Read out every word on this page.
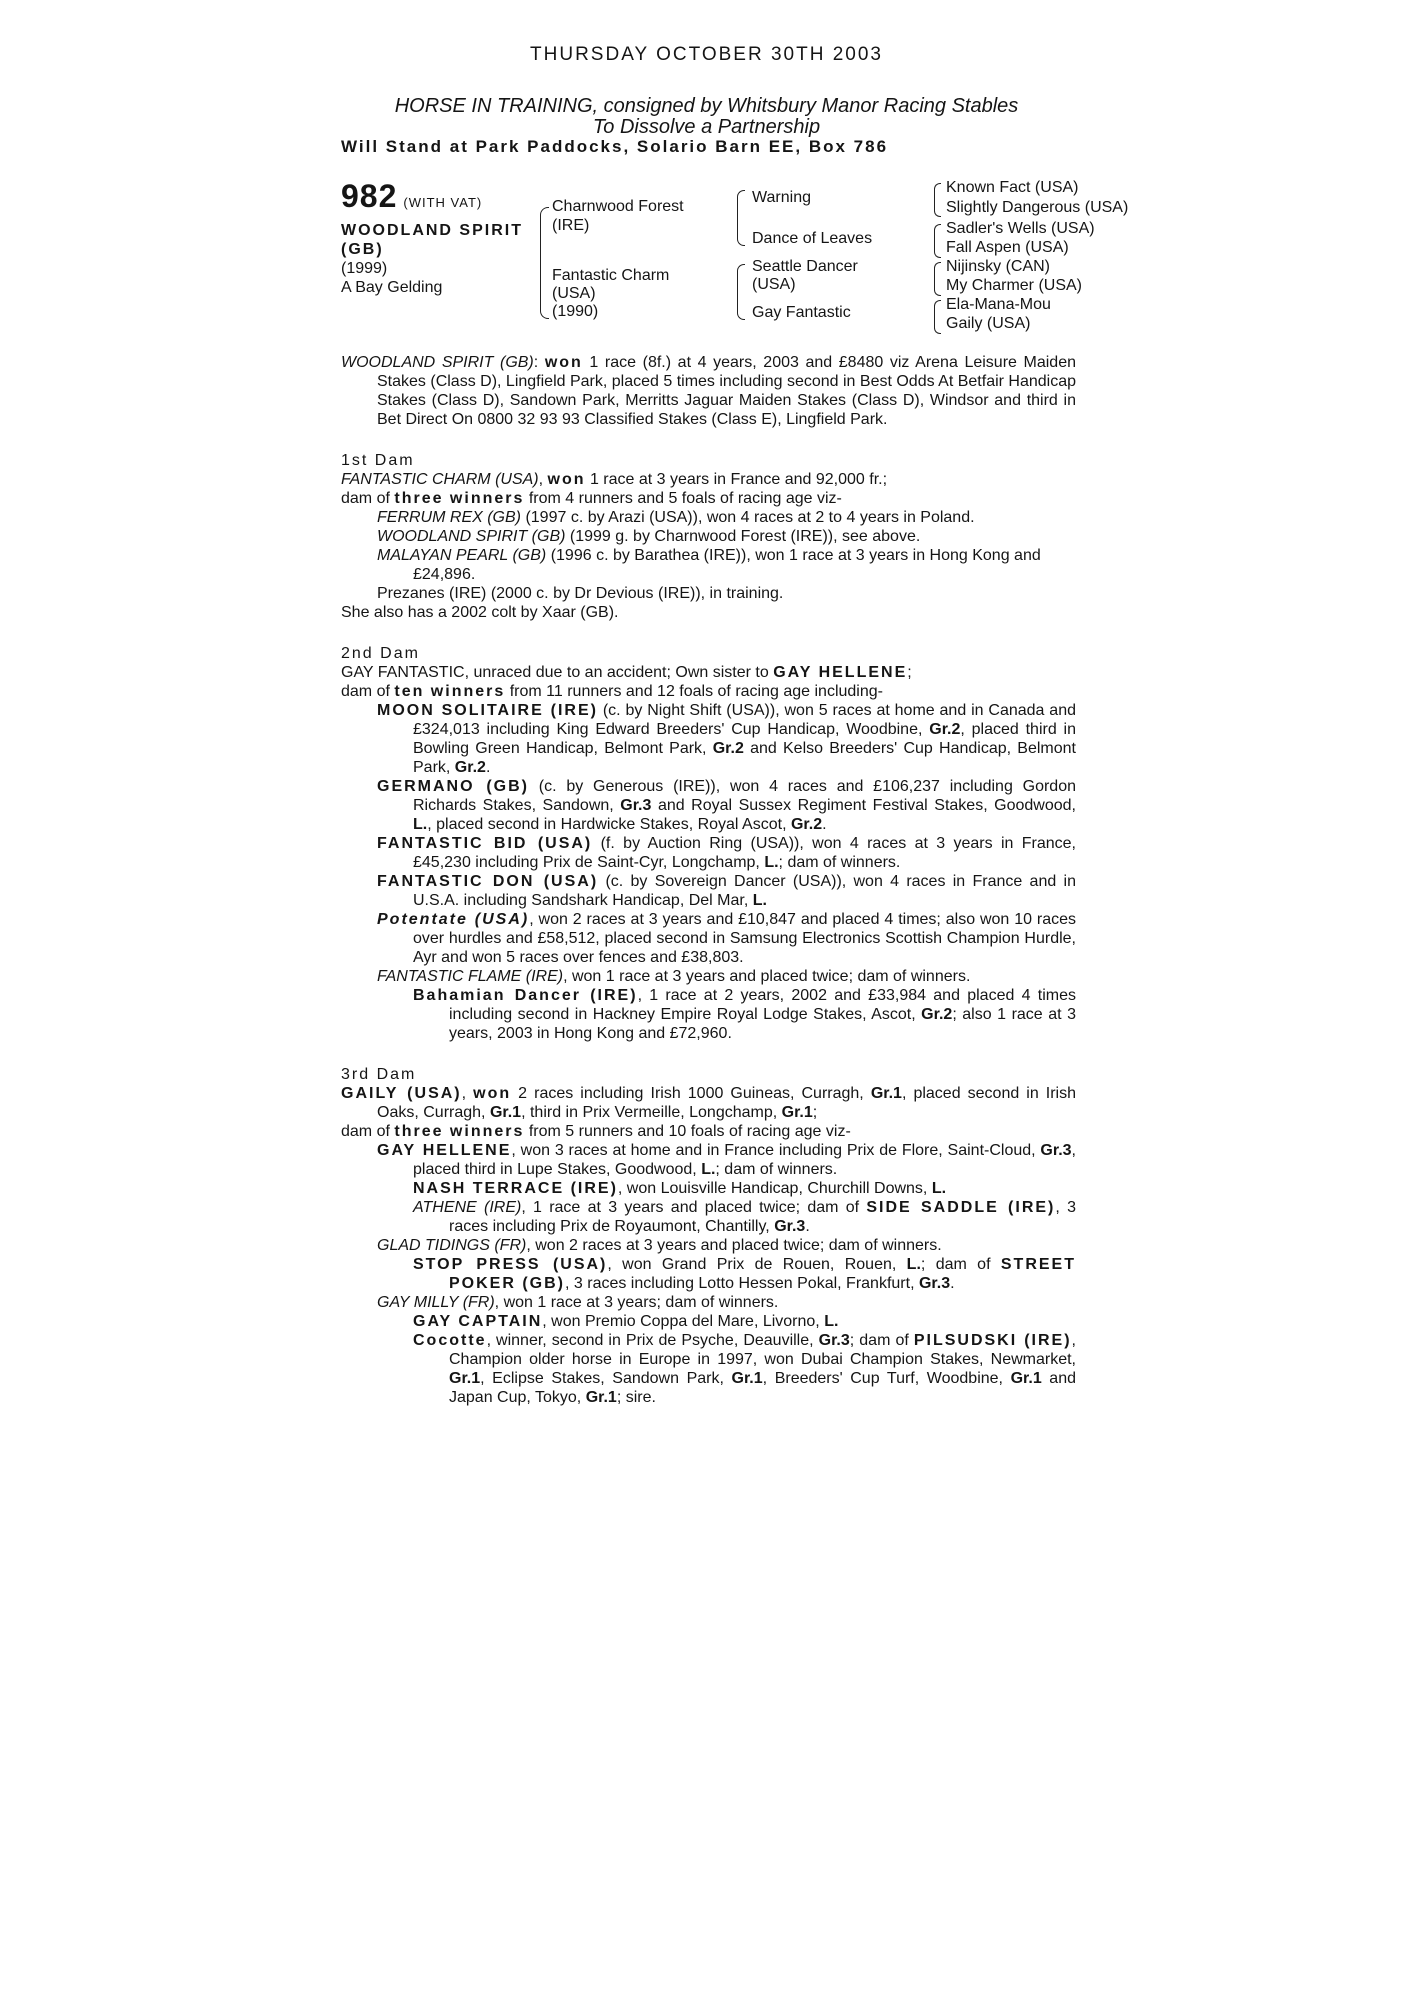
THURSDAY OCTOBER 30TH 2003
HORSE IN TRAINING, consigned by Whitsbury Manor Racing Stables
To Dissolve a Partnership
Will Stand at Park Paddocks, Solario Barn EE, Box 786
982 (WITH VAT)
WOODLAND SPIRIT
(GB)
(1999)
A Bay Gelding
Charnwood Forest
(IRE)
Fantastic Charm
(USA)
(1990)
Warning
Dance of Leaves
Seattle Dancer
(USA)
Gay Fantastic
Known Fact (USA)
Slightly Dangerous (USA)
Sadler's Wells (USA)
Fall Aspen (USA)
Nijinsky (CAN)
My Charmer (USA)
Ela-Mana-Mou
Gaily (USA)

WOODLAND SPIRIT (GB): won 1 race (8f.) at 4 years, 2003 and £8480 viz Arena Leisure Maiden Stakes (Class D), Lingfield Park, placed 5 times including second in Best Odds At Betfair Handicap Stakes (Class D), Sandown Park, Merritts Jaguar Maiden Stakes (Class D), Windsor and third in Bet Direct On 0800 32 93 93 Classified Stakes (Class E), Lingfield Park.

1st Dam

FANTASTIC CHARM (USA), won 1 race at 3 years in France and 92,000 fr.;

dam of three winners from 4 runners and 5 foals of racing age viz-

FERRUM REX (GB) (1997 c. by Arazi (USA)), won 4 races at 2 to 4 years in Poland.

WOODLAND SPIRIT (GB) (1999 g. by Charnwood Forest (IRE)), see above.

MALAYAN PEARL (GB) (1996 c. by Barathea (IRE)), won 1 race at 3 years in Hong Kong and £24,896.

Prezanes (IRE) (2000 c. by Dr Devious (IRE)), in training.

She also has a 2002 colt by Xaar (GB).

2nd Dam

GAY FANTASTIC, unraced due to an accident; Own sister to GAY HELLENE;

dam of ten winners from 11 runners and 12 foals of racing age including-

MOON SOLITAIRE (IRE) (c. by Night Shift (USA)), won 5 races at home and in Canada and £324,013 including King Edward Breeders' Cup Handicap, Woodbine, Gr.2, placed third in Bowling Green Handicap, Belmont Park, Gr.2 and Kelso Breeders' Cup Handicap, Belmont Park, Gr.2.

GERMANO (GB) (c. by Generous (IRE)), won 4 races and £106,237 including Gordon Richards Stakes, Sandown, Gr.3 and Royal Sussex Regiment Festival Stakes, Goodwood, L., placed second in Hardwicke Stakes, Royal Ascot, Gr.2.

FANTASTIC BID (USA) (f. by Auction Ring (USA)), won 4 races at 3 years in France, £45,230 including Prix de Saint-Cyr, Longchamp, L.; dam of winners.

FANTASTIC DON (USA) (c. by Sovereign Dancer (USA)), won 4 races in France and in U.S.A. including Sandshark Handicap, Del Mar, L.

Potentate (USA), won 2 races at 3 years and £10,847 and placed 4 times; also won 10 races over hurdles and £58,512, placed second in Samsung Electronics Scottish Champion Hurdle, Ayr and won 5 races over fences and £38,803.

FANTASTIC FLAME (IRE), won 1 race at 3 years and placed twice; dam of winners.

Bahamian Dancer (IRE), 1 race at 2 years, 2002 and £33,984 and placed 4 times including second in Hackney Empire Royal Lodge Stakes, Ascot, Gr.2; also 1 race at 3 years, 2003 in Hong Kong and £72,960.

3rd Dam

GAILY (USA), won 2 races including Irish 1000 Guineas, Curragh, Gr.1, placed second in Irish Oaks, Curragh, Gr.1, third in Prix Vermeille, Longchamp, Gr.1;

dam of three winners from 5 runners and 10 foals of racing age viz-

GAY HELLENE, won 3 races at home and in France including Prix de Flore, Saint-Cloud, Gr.3, placed third in Lupe Stakes, Goodwood, L.; dam of winners.

NASH TERRACE (IRE), won Louisville Handicap, Churchill Downs, L.

ATHENE (IRE), 1 race at 3 years and placed twice; dam of SIDE SADDLE (IRE), 3 races including Prix de Royaumont, Chantilly, Gr.3.

GLAD TIDINGS (FR), won 2 races at 3 years and placed twice; dam of winners.

STOP PRESS (USA), won Grand Prix de Rouen, Rouen, L.; dam of STREET POKER (GB), 3 races including Lotto Hessen Pokal, Frankfurt, Gr.3.

GAY MILLY (FR), won 1 race at 3 years; dam of winners.

GAY CAPTAIN, won Premio Coppa del Mare, Livorno, L.

Cocotte, winner, second in Prix de Psyche, Deauville, Gr.3; dam of PILSUDSKI (IRE), Champion older horse in Europe in 1997, won Dubai Champion Stakes, Newmarket, Gr.1, Eclipse Stakes, Sandown Park, Gr.1, Breeders' Cup Turf, Woodbine, Gr.1 and Japan Cup, Tokyo, Gr.1; sire.
